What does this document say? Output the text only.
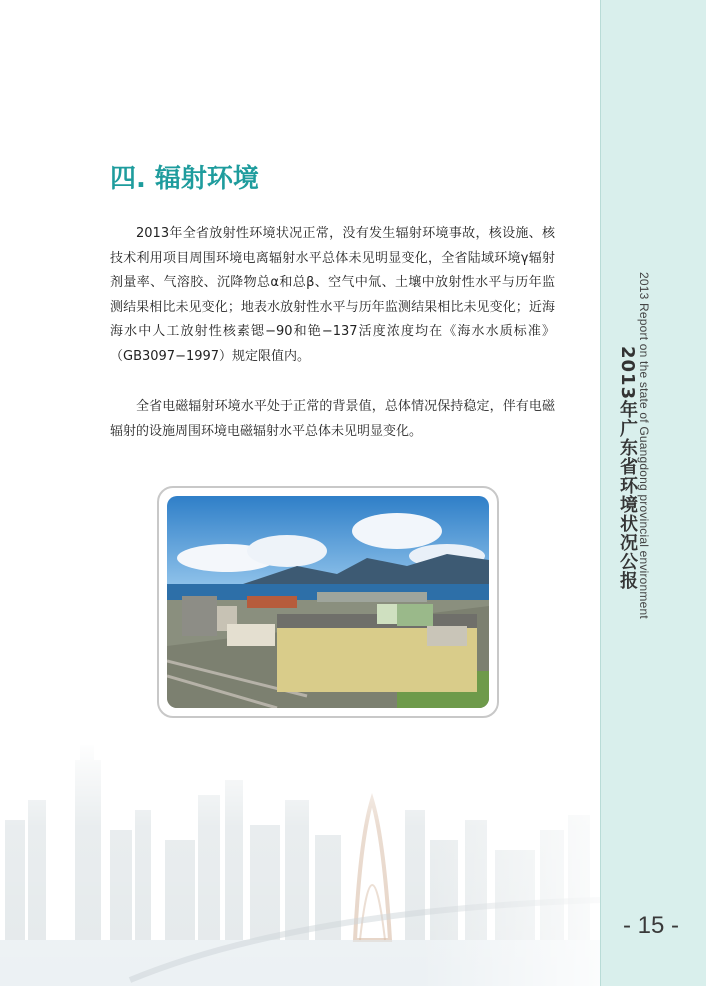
2013 Report on the state of Guangdong provincial environment
2013年广东省环境状况公报
- 15 -
四. 辐射环境

2013年全省放射性环境状况正常，没有发生辐射环境事故，核设施、核技术利用项目周围环境电离辐射水平总体未见明显变化，全省陆域环境γ辐射剂量率、气溶胶、沉降物总α和总β、空气中氚、土壤中放射性水平与历年监测结果相比未见变化；地表水放射性水平与历年监测结果相比未见变化；近海海水中人工放射性核素锶−90和铯−137活度浓度均在《海水水质标准》（GB3097−1997）规定限值内。

全省电磁辐射环境水平处于正常的背景值，总体情况保持稳定，伴有电磁辐射的设施周围环境电磁辐射水平总体未见明显变化。
